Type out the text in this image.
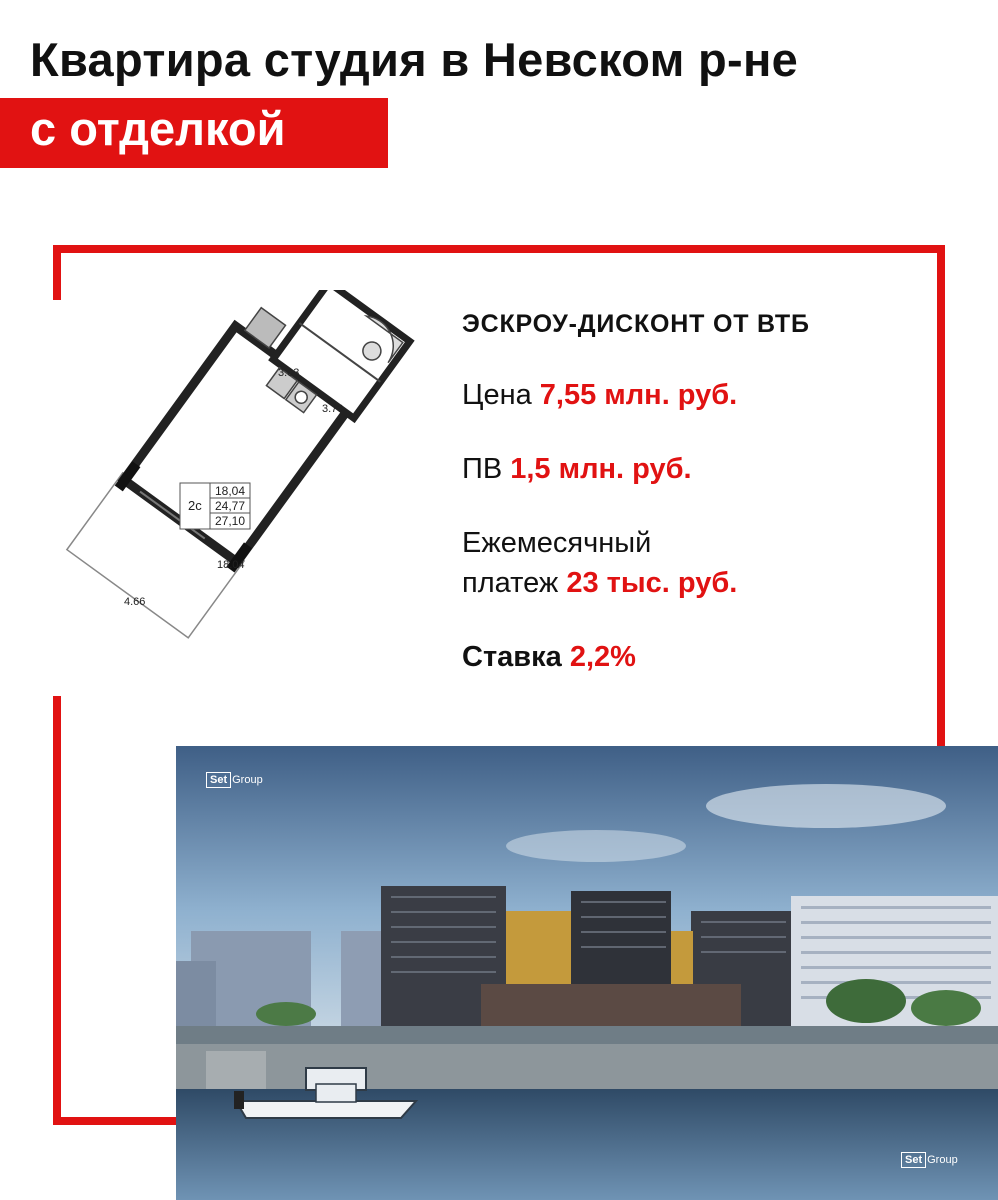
Квартира студия в Невском р-не
с отделкой
2с
18,04
24,77
27,10
18.04
4.66
3.03
3.70

ЭСКРОУ-ДИСКОНТ ОТ ВТБ

Цена 7,55 млн. руб.

ПВ 1,5 млн. руб.

Ежемесячный
платеж 23 тыс. руб.

Ставка 2,2%

Set Group
Set Group
